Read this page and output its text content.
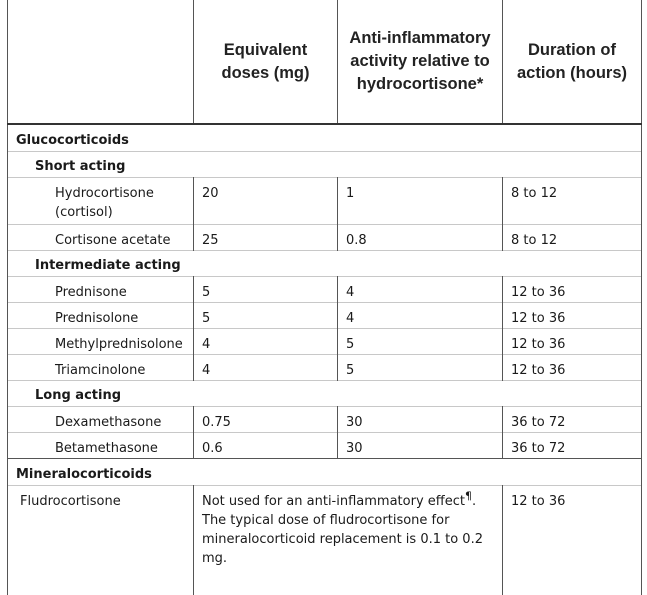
	Equivalent doses (mg)	Anti-inflammatory activity relative to hydrocortisone*	Duration of action (hours)
Glucocorticoids			
Short acting			
Hydrocortisone (cortisol)	20	1	8 to 12
Cortisone acetate	25	0.8	8 to 12
Intermediate acting			
Prednisone	5	4	12 to 36
Prednisolone	5	4	12 to 36
Methylprednisolone	4	5	12 to 36
Triamcinolone	4	5	12 to 36
Long acting			
Dexamethasone	0.75	30	36 to 72
Betamethasone	0.6	30	36 to 72
Mineralocorticoids			
Fludrocortisone	Not used for an anti-inflammatory effect¶. The typical dose of fludrocortisone for mineralocorticoid replacement is 0.1 to 0.2 mg.		12 to 36
